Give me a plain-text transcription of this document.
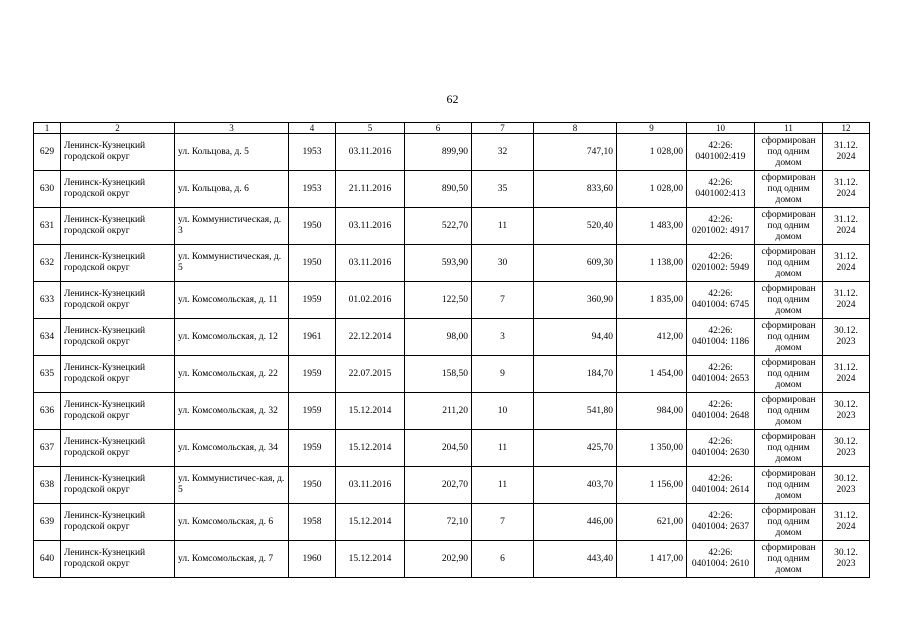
62
1	2	3	4	5	6	7	8	9	10	11	12
629	Ленинск-Кузнецкий городской округ	ул. Кольцова, д. 5	1953	03.11.2016	899,90	32	747,10	1 028,00	42:26: 0401002:419	сформирован под одним домом	31.12. 2024
630	Ленинск-Кузнецкий городской округ	ул. Кольцова, д. 6	1953	21.11.2016	890,50	35	833,60	1 028,00	42:26: 0401002:413	сформирован под одним домом	31.12. 2024
631	Ленинск-Кузнецкий городской округ	ул. Коммунистическая, д. 3	1950	03.11.2016	522,70	11	520,40	1 483,00	42:26: 0201002: 4917	сформирован под одним домом	31.12. 2024
632	Ленинск-Кузнецкий городской округ	ул. Коммунистическая, д. 5	1950	03.11.2016	593,90	30	609,30	1 138,00	42:26: 0201002: 5949	сформирован под одним домом	31.12. 2024
633	Ленинск-Кузнецкий городской округ	ул. Комсомольская, д. 11	1959	01.02.2016	122,50	7	360,90	1 835,00	42:26: 0401004: 6745	сформирован под одним домом	31.12. 2024
634	Ленинск-Кузнецкий городской округ	ул. Комсомольская, д. 12	1961	22.12.2014	98,00	3	94,40	412,00	42:26: 0401004: 1186	сформирован под одним домом	30.12. 2023
635	Ленинск-Кузнецкий городской округ	ул. Комсомольская, д. 22	1959	22.07.2015	158,50	9	184,70	1 454,00	42:26: 0401004: 2653	сформирован под одним домом	31.12. 2024
636	Ленинск-Кузнецкий городской округ	ул. Комсомольская, д. 32	1959	15.12.2014	211,20	10	541,80	984,00	42:26: 0401004: 2648	сформирован под одним домом	30.12. 2023
637	Ленинск-Кузнецкий городской округ	ул. Комсомольская, д. 34	1959	15.12.2014	204,50	11	425,70	1 350,00	42:26: 0401004: 2630	сформирован под одним домом	30.12. 2023
638	Ленинск-Кузнецкий городской округ	ул. Коммунистичес-кая, д. 5	1950	03.11.2016	202,70	11	403,70	1 156,00	42:26: 0401004: 2614	сформирован под одним домом	30.12. 2023
639	Ленинск-Кузнецкий городской округ	ул. Комсомольская, д. 6	1958	15.12.2014	72,10	7	446,00	621,00	42:26: 0401004: 2637	сформирован под одним домом	31.12. 2024
640	Ленинск-Кузнецкий городской округ	ул. Комсомольская, д. 7	1960	15.12.2014	202,90	6	443,40	1 417,00	42:26: 0401004: 2610	сформирован под одним домом	30.12. 2023
